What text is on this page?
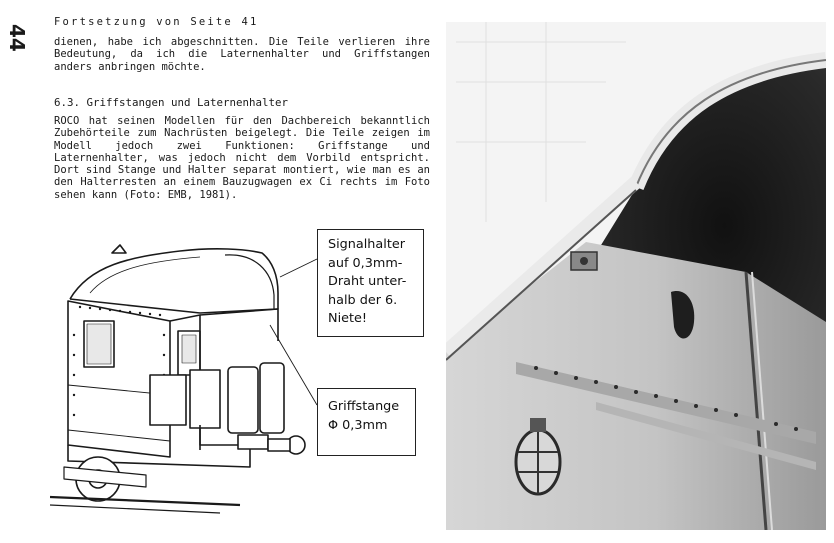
44
Fortsetzung von Seite 41

dienen, habe ich abgeschnitten. Die Teile verlieren ihre Bedeutung, da ich die Laternenhalter und Griffstangen anders anbringen möchte.

6.3. Griffstangen und Laternenhalter

ROCO hat seinen Modellen für den Dachbereich bekanntlich Zubehörteile zum Nachrüsten beigelegt. Die Teile zeigen im Modell jedoch zwei Funktionen: Griffstange und Laternenhalter, was jedoch nicht dem Vorbild entspricht. Dort sind Stange und Halter separat montiert, wie man es an den Halterresten an einem Bauzugwagen ex Ci rechts im Foto sehen kann (Foto: EMB, 1981).

Signalhalter
auf 0,3mm-
Draht unter-
halb der 6.
Niete!
Griffstange
Φ 0,3mm
